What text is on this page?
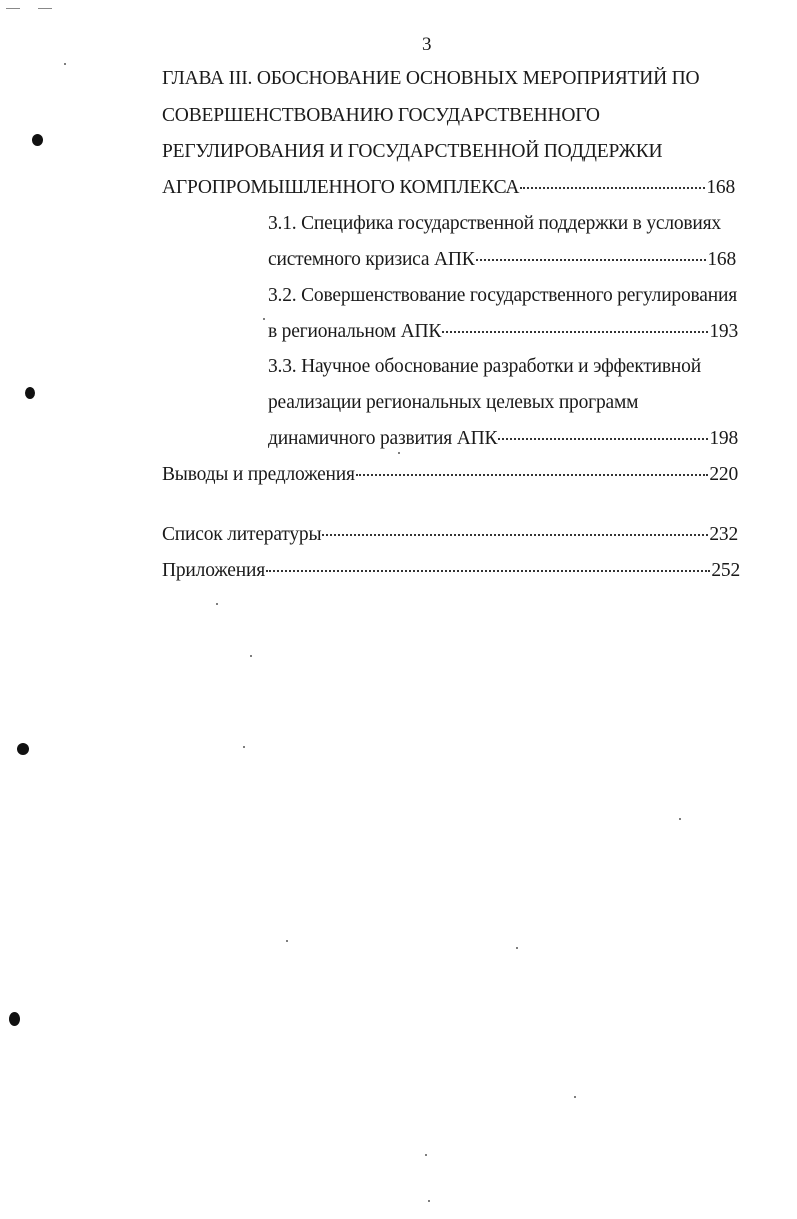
3
ГЛАВА III. ОБОСНОВАНИЕ ОСНОВНЫХ МЕРОПРИЯТИЙ ПО
СОВЕРШЕНСТВОВАНИЮ ГОСУДАРСТВЕННОГО
РЕГУЛИРОВАНИЯ И ГОСУДАРСТВЕННОЙ ПОДДЕРЖКИ
АГРОПРОМЫШЛЕННОГО КОМПЛЕКСА	168
3.1. Специфика государственной поддержки в условиях
системного кризиса АПК	168
3.2. Совершенствование государственного регулирования
в региональном АПК	193
3.3. Научное обоснование разработки и эффективной
реализации региональных целевых программ
динамичного развития АПК	198
Выводы и предложения	220
Список литературы	232
Приложения	252
